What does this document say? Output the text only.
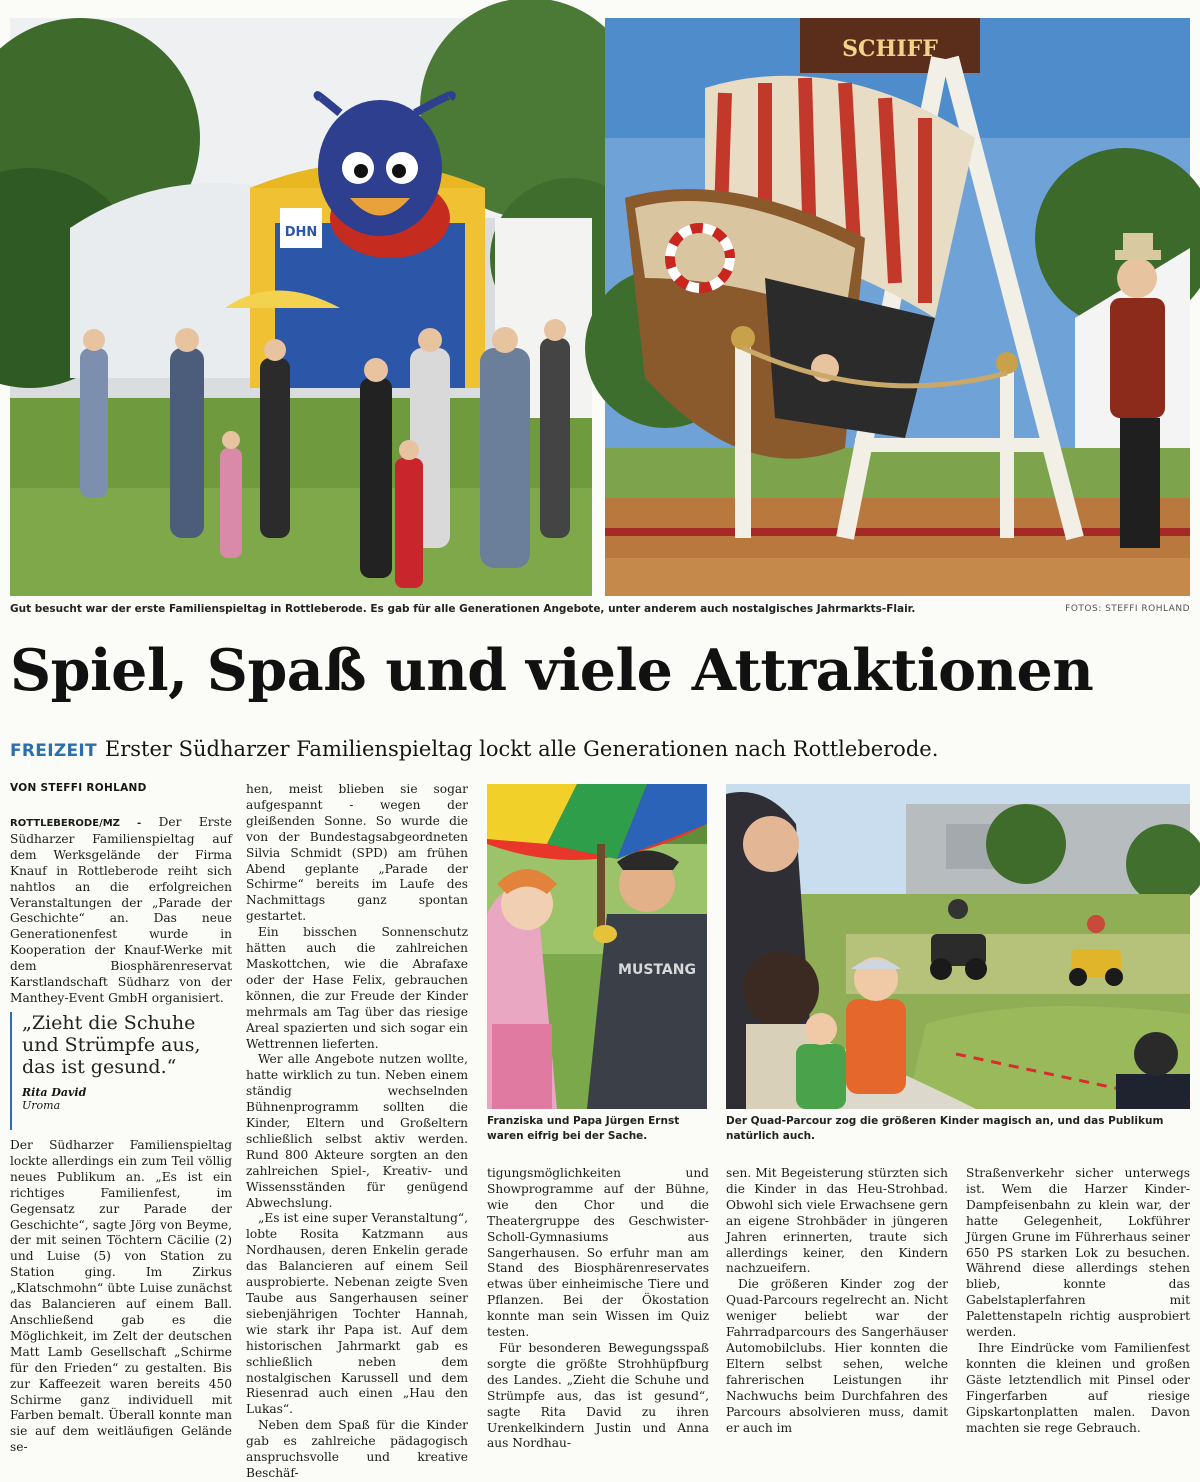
DHN
SCHIFF
Gut besucht war der erste Familienspieltag in Rottleberode. Es gab für alle Generationen Angebote, unter anderem auch nostalgisches Jahrmarkts-Flair.	FOTOS: STEFFI ROHLAND
Spiel, Spaß und viele Attraktionen
FREIZEIT Erster Südharzer Familienspieltag lockt alle Generationen nach Rottleberode.
VON STEFFI ROHLAND

ROTTLEBERODE/MZ - Der Erste Südharzer Familienspieltag auf dem Werksgelände der Firma Knauf in Rottleberode reiht sich nahtlos an die erfolgreichen Veranstaltungen der „Parade der Geschichte“ an. Das neue Generationenfest wurde in Kooperation der Knauf-Werke mit dem Biosphärenreservat Karstlandschaft Südharz von der Manthey-Event GmbH organisiert.

„Zieht die Schuhe und Strümpfe aus, das ist gesund.“
Rita David
Uroma

Der Südharzer Familienspieltag lockte allerdings ein zum Teil völlig neues Publikum an. „Es ist ein richtiges Familienfest, im Gegensatz zur Parade der Geschichte“, sagte Jörg von Beyme, der mit seinen Töchtern Cäcilie (2) und Luise (5) von Station zu Station ging. Im Zirkus „Klatschmohn“ übte Luise zunächst das Balancieren auf einem Ball. Anschließend gab es die Möglichkeit, im Zelt der deutschen Matt Lamb Gesellschaft „Schirme für den Frieden“ zu gestalten. Bis zur Kaffeezeit waren bereits 450 Schirme ganz individuell mit Farben bemalt. Überall konnte man sie auf dem weitläufigen Gelände se-

hen, meist blieben sie sogar aufgespannt - wegen der gleißenden Sonne. So wurde die von der Bundestagsabgeordneten Silvia Schmidt (SPD) am frühen Abend geplante „Parade der Schirme“ bereits im Laufe des Nachmittags ganz spontan gestartet.

Ein bisschen Sonnenschutz hätten auch die zahlreichen Maskottchen, wie die Abrafaxe oder der Hase Felix, gebrauchen können, die zur Freude der Kinder mehrmals am Tag über das riesige Areal spazierten und sich sogar ein Wettrennen lieferten.

Wer alle Angebote nutzen wollte, hatte wirklich zu tun. Neben einem ständig wechselnden Bühnenprogramm sollten die Kinder, Eltern und Großeltern schließlich selbst aktiv werden. Rund 800 Akteure sorgten an den zahlreichen Spiel-, Kreativ- und Wissensständen für genügend Abwechslung.

„Es ist eine super Veranstaltung“, lobte Rosita Katzmann aus Nordhausen, deren Enkelin gerade das Balancieren auf einem Seil ausprobierte. Nebenan zeigte Sven Taube aus Sangerhausen seiner siebenjährigen Tochter Hannah, wie stark ihr Papa ist. Auf dem historischen Jahrmarkt gab es schließlich neben dem nostalgischen Karussell und dem Riesenrad auch einen „Hau den Lukas“.

Neben dem Spaß für die Kinder gab es zahlreiche pädagogisch anspruchsvolle und kreative Beschäf-

MUSTANG
Franziska und Papa Jürgen Ernst waren eifrig bei der Sache.
Der Quad-Parcour zog die größeren Kinder magisch an, und das Publikum natürlich auch.

tigungsmöglichkeiten und Showprogramme auf der Bühne, wie den Chor und die Theatergruppe des Geschwister-Scholl-Gymnasiums aus Sangerhausen. So erfuhr man am Stand des Biosphärenreservates etwas über einheimische Tiere und Pflanzen. Bei der Ökostation konnte man sein Wissen im Quiz testen.

Für besonderen Bewegungsspaß sorgte die größte Strohhüpfburg des Landes. „Zieht die Schuhe und Strümpfe aus, das ist gesund“, sagte Rita David zu ihren Urenkelkindern Justin und Anna aus Nordhau-

sen. Mit Begeisterung stürzten sich die Kinder in das Heu-Strohbad. Obwohl sich viele Erwachsene gern an eigene Strohbäder in jüngeren Jahren erinnerten, traute sich allerdings keiner, den Kindern nachzueifern.

Die größeren Kinder zog der Quad-Parcours regelrecht an. Nicht weniger beliebt war der Fahrradparcours des Sangerhäuser Automobilclubs. Hier konnten die Eltern selbst sehen, welche fahrerischen Leistungen ihr Nachwuchs beim Durchfahren des Parcours absolvieren muss, damit er auch im

Straßenverkehr sicher unterwegs ist. Wem die Harzer Kinder-Dampfeisenbahn zu klein war, der hatte Gelegenheit, Lokführer Jürgen Grune im Führerhaus seiner 650 PS starken Lok zu besuchen. Während diese allerdings stehen blieb, konnte das Gabelstaplerfahren mit Palettenstapeln richtig ausprobiert werden.

Ihre Eindrücke vom Familienfest konnten die kleinen und großen Gäste letztendlich mit Pinsel oder Fingerfarben auf riesige Gipskartonplatten malen. Davon machten sie rege Gebrauch.
